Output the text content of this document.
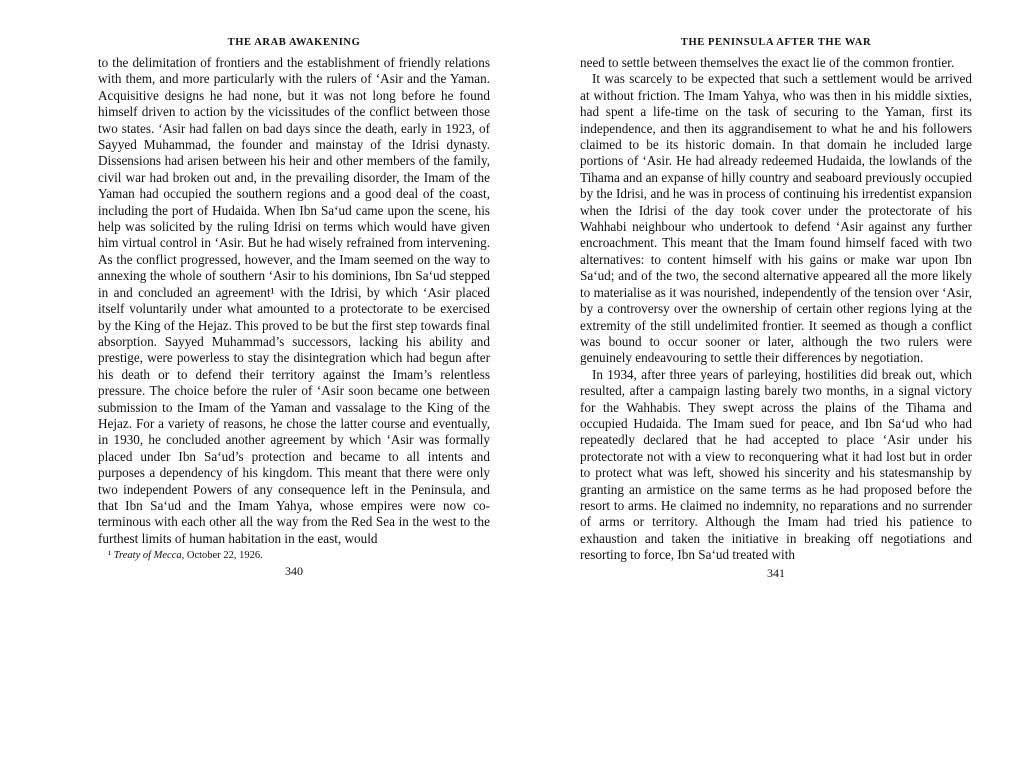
THE ARAB AWAKENING

to the delimitation of frontiers and the establishment of friendly relations with them, and more particularly with the rulers of ‘Asir and the Yaman. Acquisitive designs he had none, but it was not long before he found himself driven to action by the vicissitudes of the conflict between those two states. ‘Asir had fallen on bad days since the death, early in 1923, of Sayyed Muhammad, the founder and mainstay of the Idrisi dynasty. Dissensions had arisen between his heir and other members of the family, civil war had broken out and, in the prevailing disorder, the Imam of the Yaman had occupied the southern regions and a good deal of the coast, including the port of Hudaida. When Ibn Sa‘ud came upon the scene, his help was solicited by the ruling Idrisi on terms which would have given him virtual control in ‘Asir. But he had wisely refrained from intervening. As the conflict progressed, however, and the Imam seemed on the way to annexing the whole of southern ‘Asir to his dominions, Ibn Sa‘ud stepped in and concluded an agreement¹ with the Idrisi, by which ‘Asir placed itself voluntarily under what amounted to a protectorate to be exercised by the King of the Hejaz. This proved to be but the first step towards final absorption. Sayyed Muhammad’s successors, lacking his ability and prestige, were powerless to stay the disintegration which had begun after his death or to defend their territory against the Imam’s relentless pressure. The choice before the ruler of ‘Asir soon became one between submission to the Imam of the Yaman and vassalage to the King of the Hejaz. For a variety of reasons, he chose the latter course and eventually, in 1930, he concluded another agreement by which ‘Asir was formally placed under Ibn Sa‘ud’s protection and became to all intents and purposes a dependency of his kingdom. This meant that there were only two independent Powers of any consequence left in the Peninsula, and that Ibn Sa‘ud and the Imam Yahya, whose empires were now co-terminous with each other all the way from the Red Sea in the west to the furthest limits of human habitation in the east, would

¹ Treaty of Mecca, October 22, 1926.
340
THE PENINSULA AFTER THE WAR

need to settle between themselves the exact lie of the common frontier.

It was scarcely to be expected that such a settlement would be arrived at without friction. The Imam Yahya, who was then in his middle sixties, had spent a life-time on the task of securing to the Yaman, first its independence, and then its aggrandisement to what he and his followers claimed to be its historic domain. In that domain he included large portions of ‘Asir. He had already redeemed Hudaida, the lowlands of the Tihama and an expanse of hilly country and seaboard previously occupied by the Idrisi, and he was in process of continuing his irredentist expansion when the Idrisi of the day took cover under the protectorate of his Wahhabi neighbour who undertook to defend ‘Asir against any further encroachment. This meant that the Imam found himself faced with two alternatives: to content himself with his gains or make war upon Ibn Sa‘ud; and of the two, the second alternative appeared all the more likely to materialise as it was nourished, independently of the tension over ‘Asir, by a controversy over the ownership of certain other regions lying at the extremity of the still undelimited frontier. It seemed as though a conflict was bound to occur sooner or later, although the two rulers were genuinely endeavouring to settle their differences by negotiation.

In 1934, after three years of parleying, hostilities did break out, which resulted, after a campaign lasting barely two months, in a signal victory for the Wahhabis. They swept across the plains of the Tihama and occupied Hudaida. The Imam sued for peace, and Ibn Sa‘ud who had repeatedly declared that he had accepted to place ‘Asir under his protectorate not with a view to reconquering what it had lost but in order to protect what was left, showed his sincerity and his statesmanship by granting an armistice on the same terms as he had proposed before the resort to arms. He claimed no indemnity, no reparations and no surrender of arms or territory. Although the Imam had tried his patience to exhaustion and taken the initiative in breaking off negotiations and resorting to force, Ibn Sa‘ud treated with

341
